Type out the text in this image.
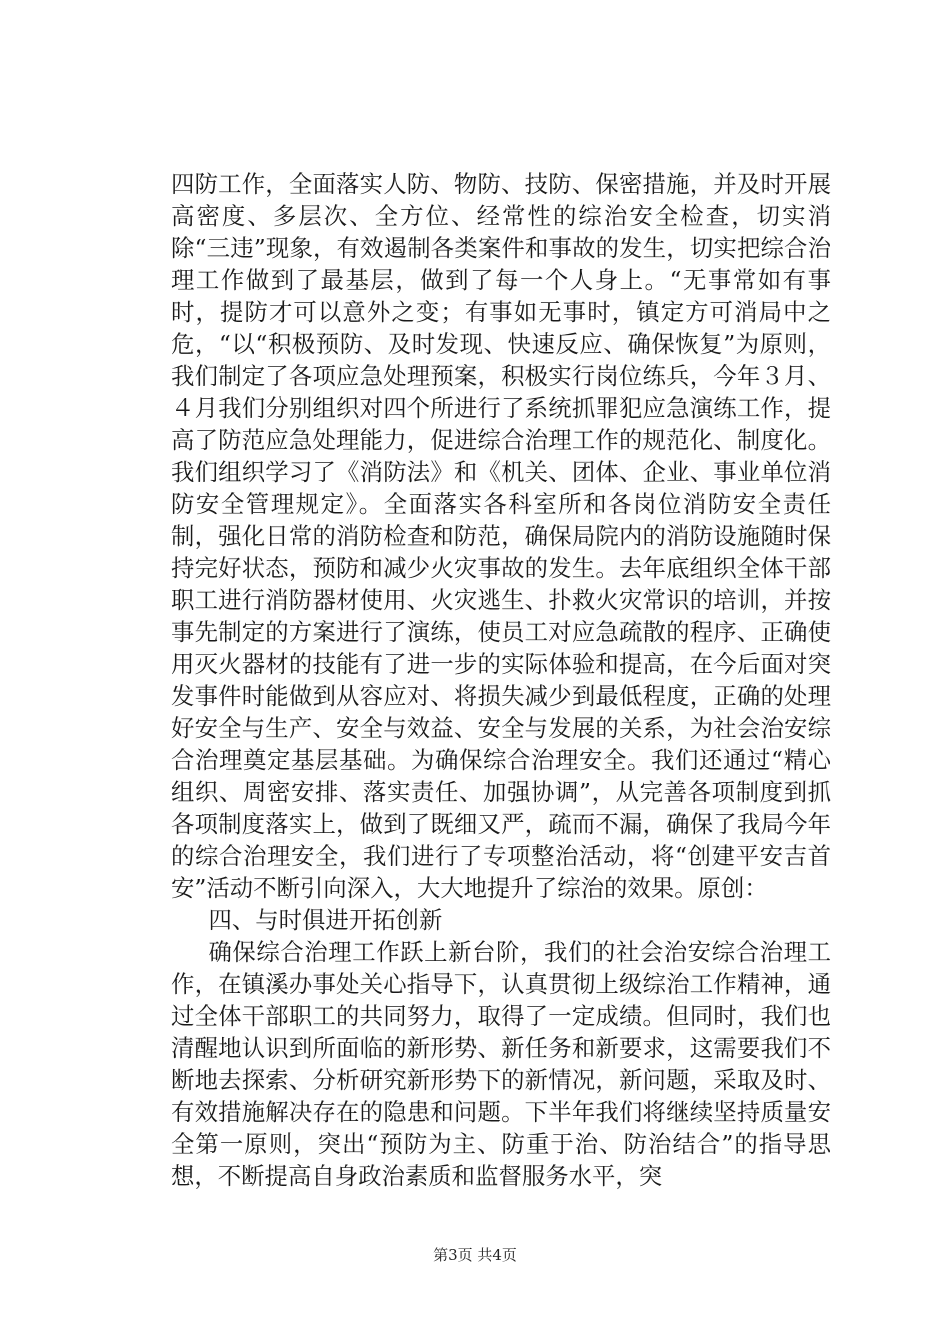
四防工作，全面落实人防、物防、技防、保密措施，并及时开展高密度、多层次、全方位、经常性的综治安全检查，切实消除“三违”现象，有效遏制各类案件和事故的发生，切实把综合治理工作做到了最基层，做到了每一个人身上。“无事常如有事时，提防才可以意外之变；有事如无事时，镇定方可消局中之危，“以“积极预防、及时发现、快速反应、确保恢复”为原则，我们制定了各项应急处理预案，积极实行岗位练兵，今年３月、４月我们分别组织对四个所进行了系统抓罪犯应急演练工作，提高了防范应急处理能力，促进综合治理工作的规范化、制度化。我们组织学习了《消防法》和《机关、团体、企业、事业单位消防安全管理规定》。全面落实各科室所和各岗位消防安全责任制，强化日常的消防检查和防范，确保局院内的消防设施随时保持完好状态，预防和减少火灾事故的发生。去年底组织全体干部职工进行消防器材使用、火灾逃生、扑救火灾常识的培训，并按事先制定的方案进行了演练，使员工对应急疏散的程序、正确使用灭火器材的技能有了进一步的实际体验和提高，在今后面对突发事件时能做到从容应对、将损失减少到最低程度，正确的处理好安全与生产、安全与效益、安全与发展的关系，为社会治安综合治理奠定基层基础。为确保综合治理安全。我们还通过“精心组织、周密安排、落实责任、加强协调”，从完善各项制度到抓各项制度落实上，做到了既细又严，疏而不漏，确保了我局今年的综合治理安全，我们进行了专项整治活动，将“创建平安吉首安”活动不断引向深入，大大地提升了综治的效果。原创：

四、与时俱进开拓创新

确保综合治理工作跃上新台阶，我们的社会治安综合治理工作，在镇溪办事处关心指导下，认真贯彻上级综治工作精神，通过全体干部职工的共同努力，取得了一定成绩。但同时，我们也清醒地认识到所面临的新形势、新任务和新要求，这需要我们不断地去探索、分析研究新形势下的新情况，新问题，采取及时、有效措施解决存在的隐患和问题。下半年我们将继续坚持质量安全第一原则，突出“预防为主、防重于治、防治结合”的指导思想，不断提高自身政治素质和监督服务水平，突

第3页 共4页
